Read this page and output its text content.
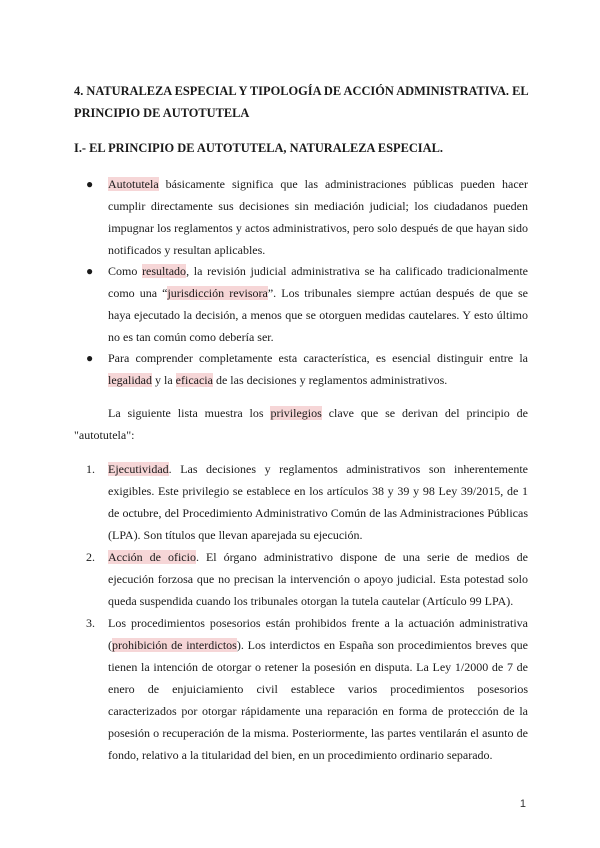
4. NATURALEZA ESPECIAL Y TIPOLOGÍA DE ACCIÓN ADMINISTRATIVA. EL PRINCIPIO DE AUTOTUTELA
I.- EL PRINCIPIO DE AUTOTUTELA, NATURALEZA ESPECIAL.
● Autotutela básicamente significa que las administraciones públicas pueden hacer cumplir directamente sus decisiones sin mediación judicial; los ciudadanos pueden impugnar los reglamentos y actos administrativos, pero solo después de que hayan sido notificados y resultan aplicables.

● Como resultado, la revisión judicial administrativa se ha calificado tradicionalmente como una “jurisdicción revisora”. Los tribunales siempre actúan después de que se haya ejecutado la decisión, a menos que se otorguen medidas cautelares. Y esto último no es tan común como debería ser.

● Para comprender completamente esta característica, es esencial distinguir entre la legalidad y la eficacia de las decisiones y reglamentos administrativos.

La siguiente lista muestra los privilegios clave que se derivan del principio de "autotutela":

1. Ejecutividad. Las decisiones y reglamentos administrativos son inherentemente exigibles. Este privilegio se establece en los artículos 38 y 39 y 98 Ley 39/2015, de 1 de octubre, del Procedimiento Administrativo Común de las Administraciones Públicas (LPA). Son títulos que llevan aparejada su ejecución.

2. Acción de oficio. El órgano administrativo dispone de una serie de medios de ejecución forzosa que no precisan la intervención o apoyo judicial. Esta potestad solo queda suspendida cuando los tribunales otorgan la tutela cautelar (Artículo 99 LPA).

3. Los procedimientos posesorios están prohibidos frente a la actuación administrativa (prohibición de interdictos). Los interdictos en España son procedimientos breves que tienen la intención de otorgar o retener la posesión en disputa. La Ley 1/2000 de 7 de enero de enjuiciamiento civil establece varios procedimientos posesorios caracterizados por otorgar rápidamente una reparación en forma de protección de la posesión o recuperación de la misma. Posteriormente, las partes ventilarán el asunto de fondo, relativo a la titularidad del bien, en un procedimiento ordinario separado.

1
